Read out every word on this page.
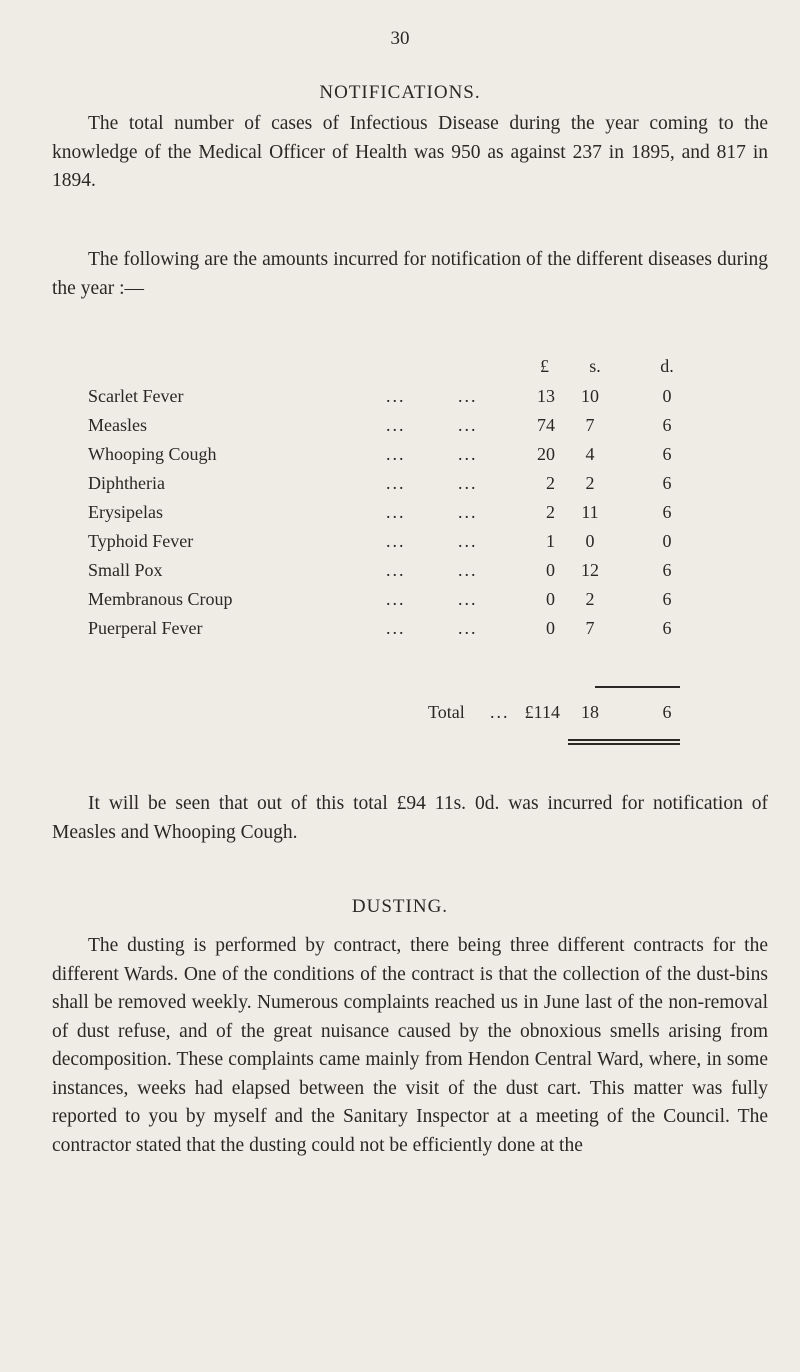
30
NOTIFICATIONS.
The total number of cases of Infectious Disease during the year coming to the knowledge of the Medical Officer of Health was 950 as against 237 in 1895, and 817 in 1894.
The following are the amounts incurred for notification of the different diseases during the year :—
£	s.	d.
Scarlet Fever	...	...	13	10	0
Measles	...	...	74	7	6
Whooping Cough	...	...	20	4	6
Diphtheria	...	...	2	2	6
Erysipelas	...	...	2	11	6
Typhoid Fever	...	...	1	0	0
Small Pox	...	...	0	12	6
Membranous Croup	...	...	0	2	6
Puerperal Fever	...	...	0	7	6
Total ... £114	18	6
It will be seen that out of this total £94 11s. 0d. was incurred for notification of Measles and Whooping Cough.
DUSTING.
The dusting is performed by contract, there being three different contracts for the different Wards. One of the conditions of the contract is that the collection of the dust-bins shall be removed weekly. Numerous complaints reached us in June last of the non-removal of dust refuse, and of the great nuisance caused by the obnoxious smells arising from decomposition. These complaints came mainly from Hendon Central Ward, where, in some instances, weeks had elapsed between the visit of the dust cart. This matter was fully reported to you by myself and the Sanitary Inspector at a meeting of the Council. The contractor stated that the dusting could not be efficiently done at the
